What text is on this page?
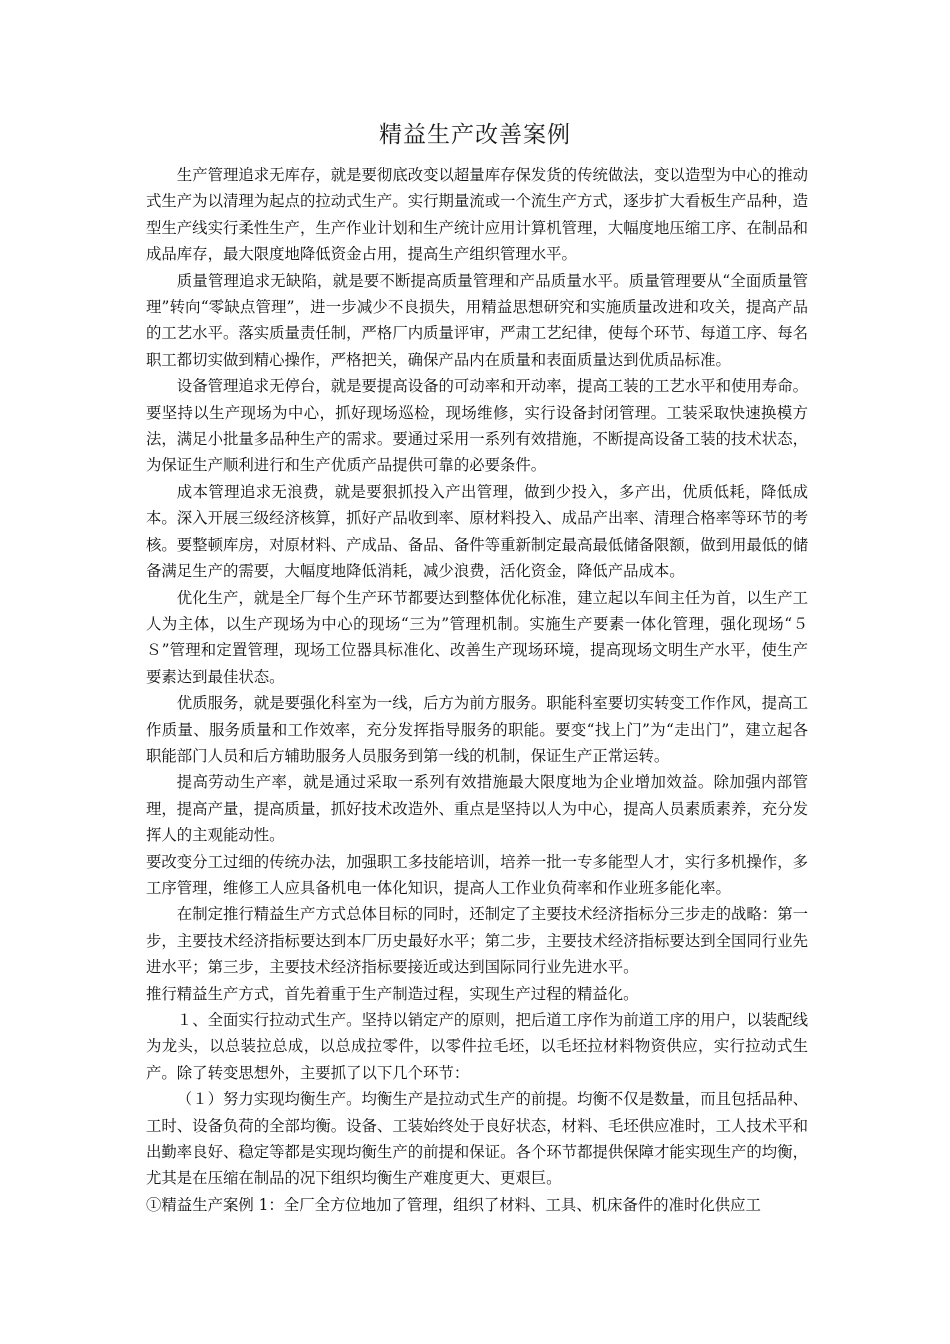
精益生产改善案例

生产管理追求无库存，就是要彻底改变以超量库存保发货的传统做法，变以造型为中心的推动式生产为以清理为起点的拉动式生产。实行期量流或一个流生产方式，逐步扩大看板生产品种，造型生产线实行柔性生产，生产作业计划和生产统计应用计算机管理，大幅度地压缩工序、在制品和成品库存，最大限度地降低资金占用，提高生产组织管理水平。

质量管理追求无缺陷，就是要不断提高质量管理和产品质量水平。质量管理要从“全面质量管理”转向“零缺点管理”，进一步减少不良损失，用精益思想研究和实施质量改进和攻关，提高产品的工艺水平。落实质量责任制，严格厂内质量评审，严肃工艺纪律，使每个环节、每道工序、每名职工都切实做到精心操作，严格把关，确保产品内在质量和表面质量达到优质品标准。

设备管理追求无停台，就是要提高设备的可动率和开动率，提高工装的工艺水平和使用寿命。要坚持以生产现场为中心，抓好现场巡检，现场维修，实行设备封闭管理。工装采取快速换模方法，满足小批量多品种生产的需求。要通过采用一系列有效措施，不断提高设备工装的技术状态，为保证生产顺利进行和生产优质产品提供可靠的必要条件。

成本管理追求无浪费，就是要狠抓投入产出管理，做到少投入，多产出，优质低耗，降低成本。深入开展三级经济核算，抓好产品收到率、原材料投入、成品产出率、清理合格率等环节的考核。要整顿库房，对原材料、产成品、备品、备件等重新制定最高最低储备限额，做到用最低的储备满足生产的需要，大幅度地降低消耗，减少浪费，活化资金，降低产品成本。

优化生产，就是全厂每个生产环节都要达到整体优化标准，建立起以车间主任为首，以生产工人为主体，以生产现场为中心的现场“三为”管理机制。实施生产要素一体化管理，强化现场“５Ｓ”管理和定置管理，现场工位器具标准化、改善生产现场环境，提高现场文明生产水平，使生产要素达到最佳状态。

优质服务，就是要强化科室为一线，后方为前方服务。职能科室要切实转变工作作风，提高工作质量、服务质量和工作效率，充分发挥指导服务的职能。要变“找上门”为“走出门”，建立起各职能部门人员和后方辅助服务人员服务到第一线的机制，保证生产正常运转。

提高劳动生产率，就是通过采取一系列有效措施最大限度地为企业增加效益。除加强内部管理，提高产量，提高质量，抓好技术改造外、重点是坚持以人为中心，提高人员素质素养，充分发挥人的主观能动性。

要改变分工过细的传统办法，加强职工多技能培训，培养一批一专多能型人才，实行多机操作，多工序管理，维修工人应具备机电一体化知识，提高人工作业负荷率和作业班多能化率。

在制定推行精益生产方式总体目标的同时，还制定了主要技术经济指标分三步走的战略：第一步，主要技术经济指标要达到本厂历史最好水平；第二步，主要技术经济指标要达到全国同行业先进水平；第三步，主要技术经济指标要接近或达到国际同行业先进水平。

推行精益生产方式，首先着重于生产制造过程，实现生产过程的精益化。

１、全面实行拉动式生产。坚持以销定产的原则，把后道工序作为前道工序的用户，以装配线为龙头，以总装拉总成，以总成拉零件，以零件拉毛坯，以毛坯拉材料物资供应，实行拉动式生产。除了转变思想外，主要抓了以下几个环节：

（１）努力实现均衡生产。均衡生产是拉动式生产的前提。均衡不仅是数量，而且包括品种、工时、设备负荷的全部均衡。设备、工装始终处于良好状态，材料、毛坯供应准时，工人技术平和出勤率良好、稳定等都是实现均衡生产的前提和保证。各个环节都提供保障才能实现生产的均衡，尤其是在压缩在制品的况下组织均衡生产难度更大、更艰巨。

①精益生产案例 1：全厂全方位地加了管理，组织了材料、工具、机床备件的准时化供应工
